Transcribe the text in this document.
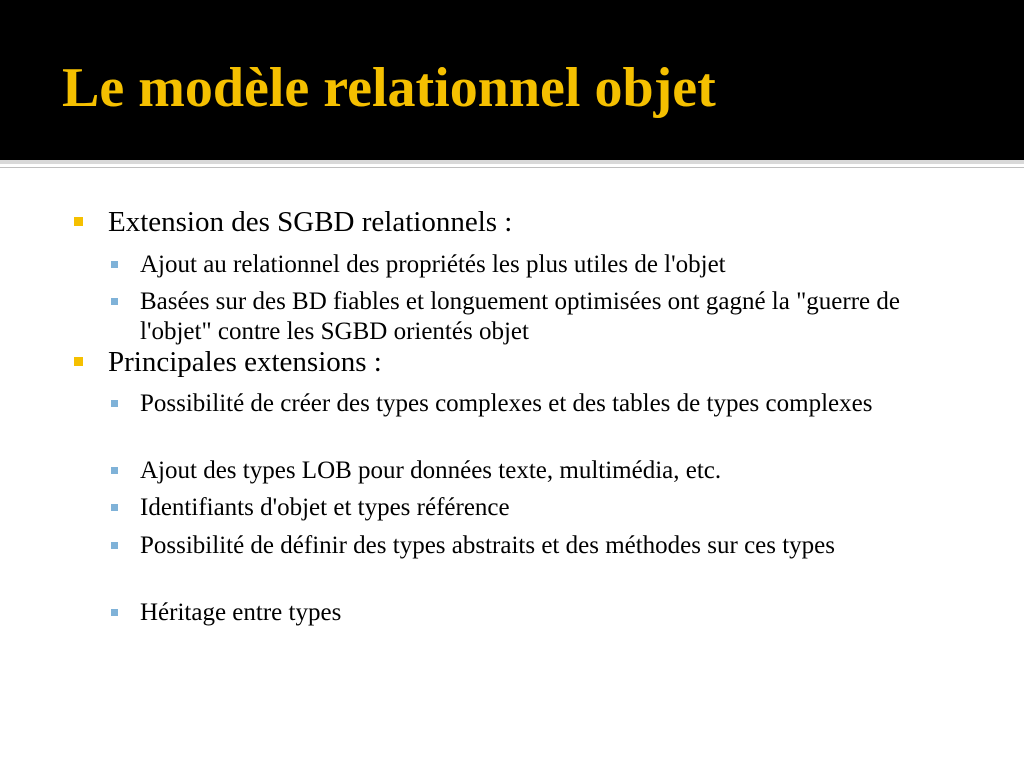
Le modèle relationnel objet
Extension des SGBD relationnels :
Ajout au relationnel des propriétés les plus utiles de l'objet
Basées sur des BD fiables et longuement optimisées ont gagné la "guerre de l'objet" contre les SGBD orientés objet
Principales extensions :
Possibilité de créer des types complexes et des tables de types complexes
Ajout des types LOB pour données texte, multimédia, etc.
Identifiants d'objet et types référence
Possibilité de définir des types abstraits et des méthodes sur ces types
Héritage entre types
